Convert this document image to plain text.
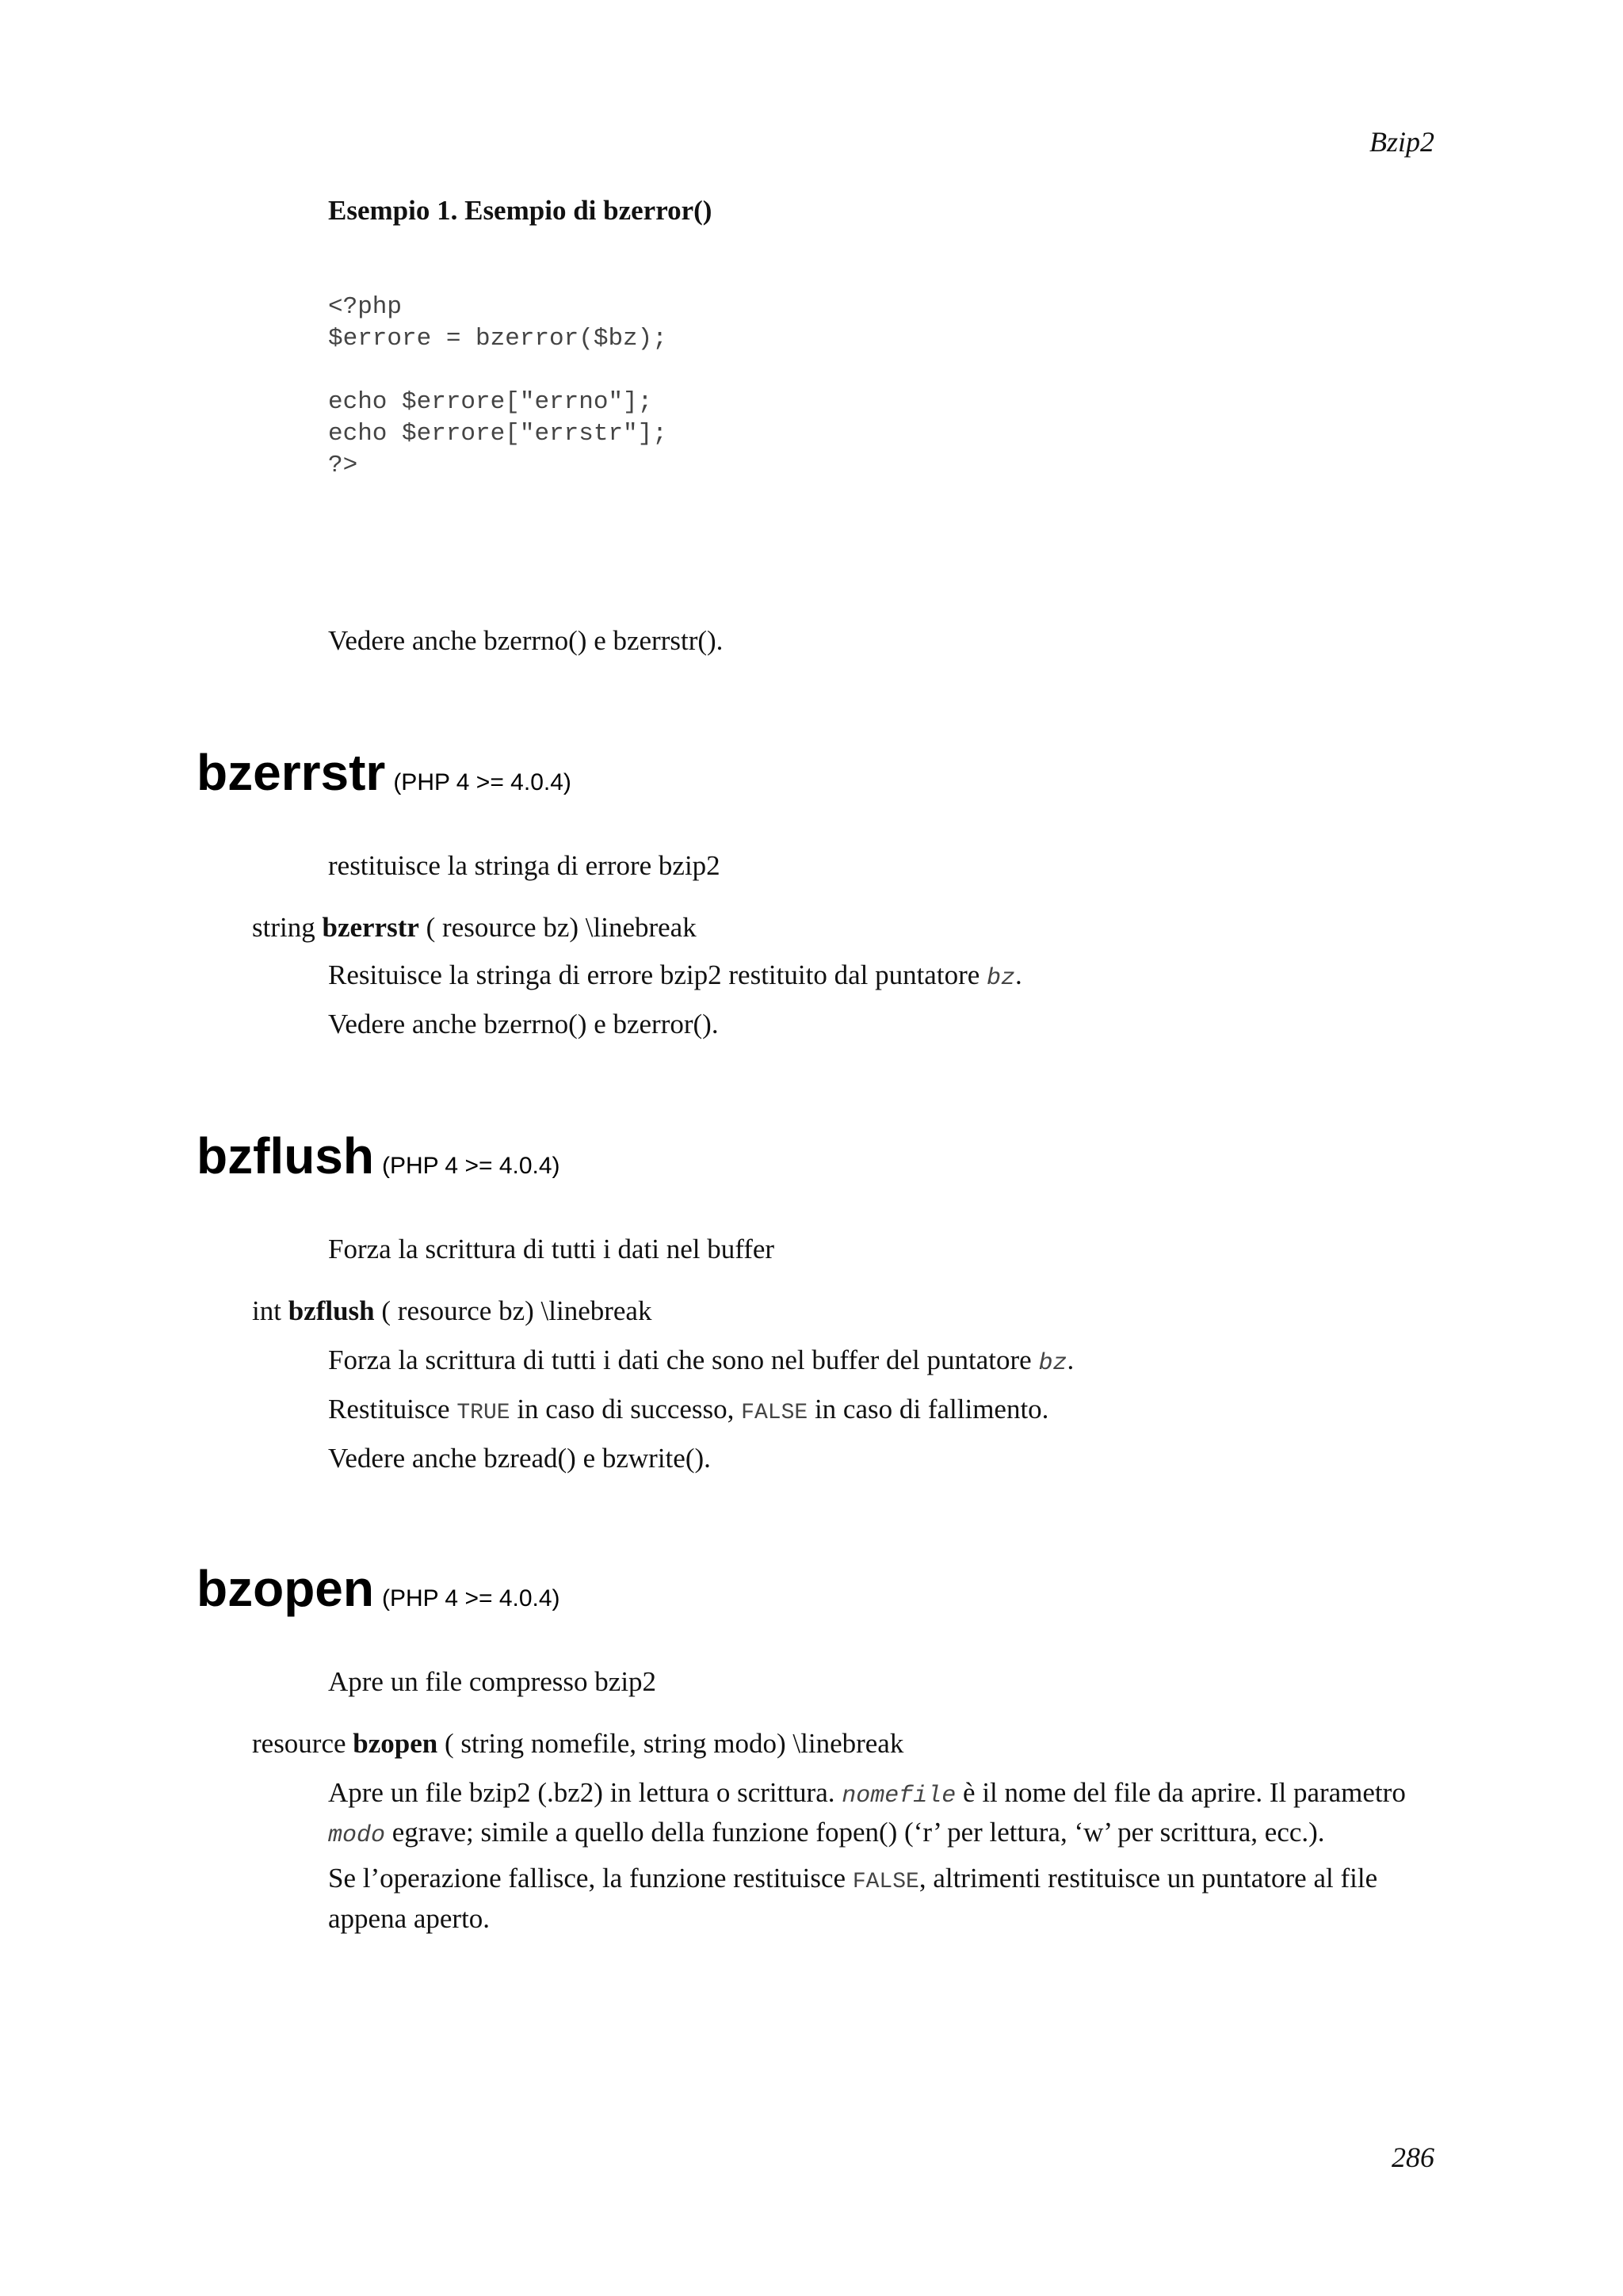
Bzip2
Esempio 1. Esempio di bzerror()
<?php
$errore = bzerror($bz);

echo $errore["errno"];
echo $errore["errstr"];
?>
Vedere anche bzerrno() e bzerrstr().
bzerrstr (PHP 4 >= 4.0.4)
restituisce la stringa di errore bzip2
string bzerrstr ( resource bz) \linebreak
Resituisce la stringa di errore bzip2 restituito dal puntatore bz.
Vedere anche bzerrno() e bzerror().
bzflush (PHP 4 >= 4.0.4)
Forza la scrittura di tutti i dati nel buffer
int bzflush ( resource bz) \linebreak
Forza la scrittura di tutti i dati che sono nel buffer del puntatore bz.
Restituisce TRUE in caso di successo, FALSE in caso di fallimento.
Vedere anche bzread() e bzwrite().
bzopen (PHP 4 >= 4.0.4)
Apre un file compresso bzip2
resource bzopen ( string nomefile, string modo) \linebreak
Apre un file bzip2 (.bz2) in lettura o scrittura. nomefile è il nome del file da aprire. Il parametro modo egrave; simile a quello della funzione fopen() (‘r’ per lettura, ‘w’ per scrittura, ecc.).
Se l’operazione fallisce, la funzione restituisce FALSE, altrimenti restituisce un puntatore al file appena aperto.
286
